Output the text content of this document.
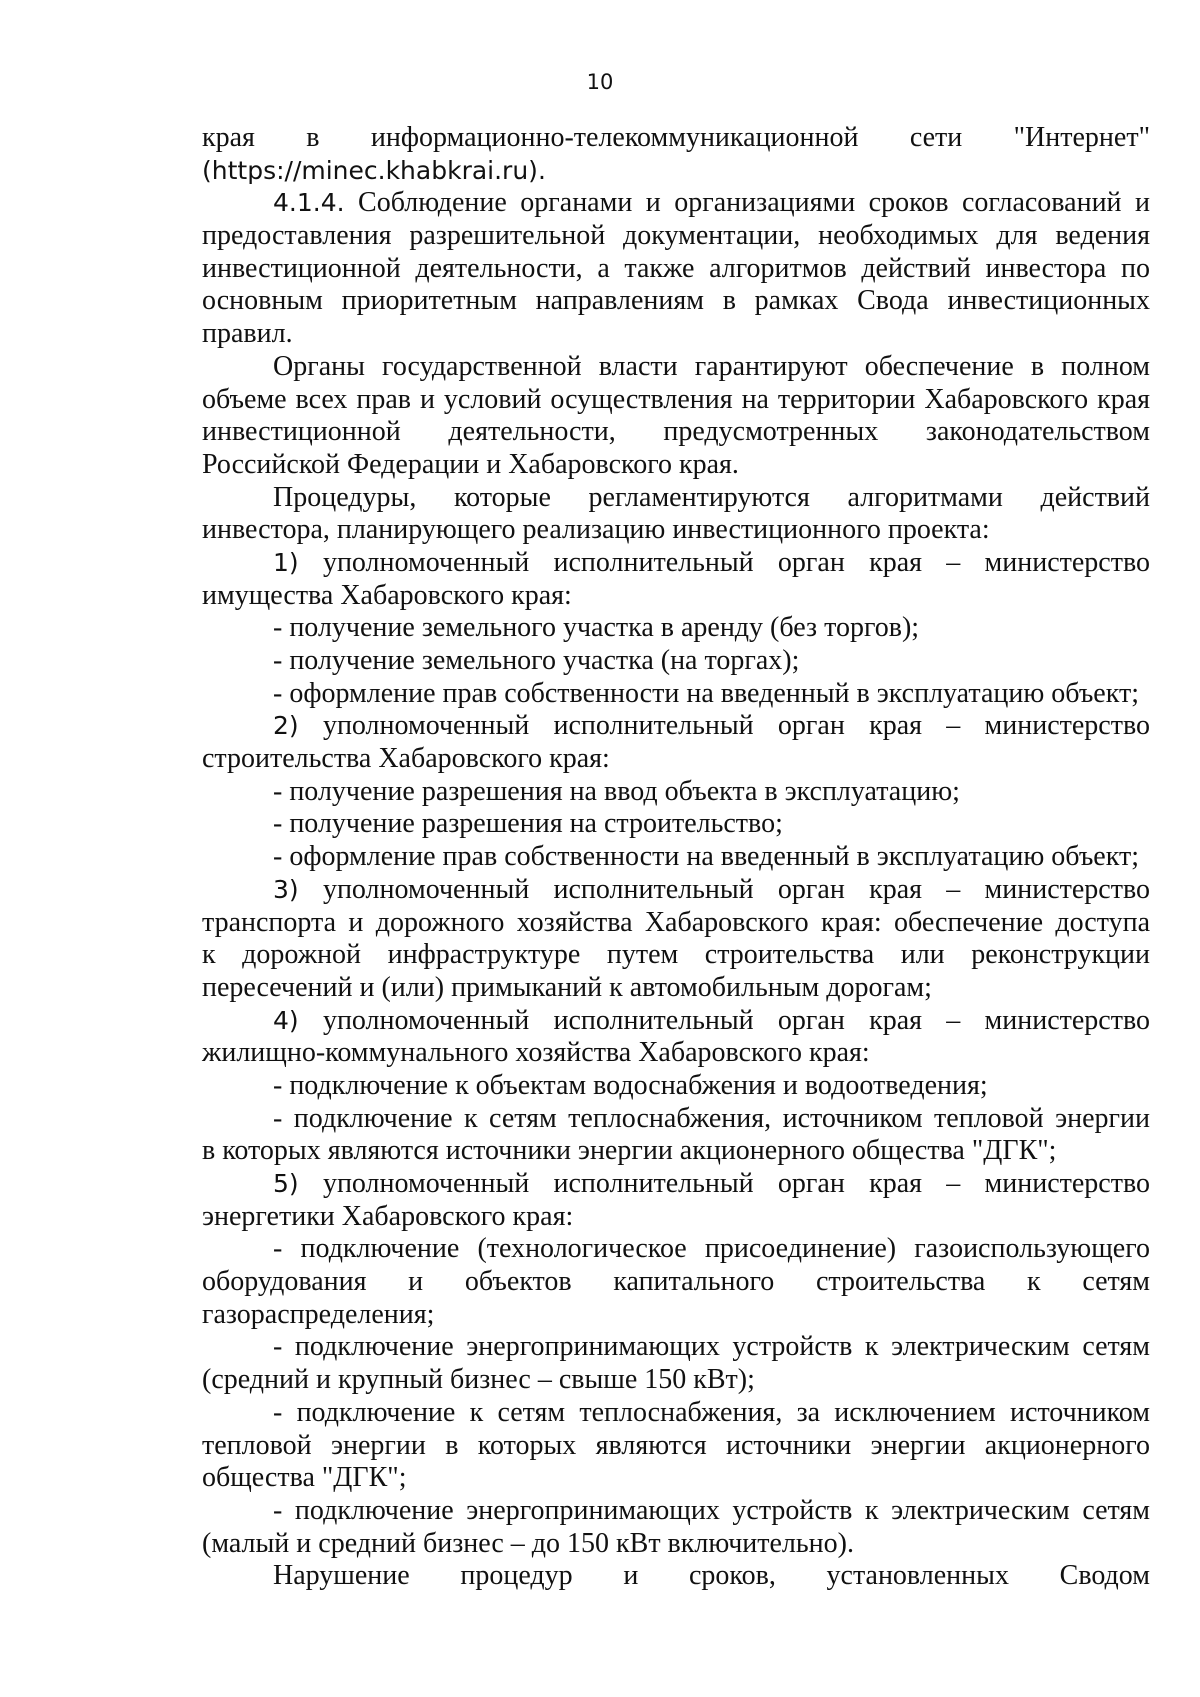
10
края в информационно-телекоммуникационной сети "Интернет"
(https://minec.khabkrai.ru).
4.1.4. Соблюдение органами и организациями сроков согласований и
предоставления разрешительной документации, необходимых для ведения
инвестиционной деятельности, а также алгоритмов действий инвестора по
основным приоритетным направлениям в рамках Свода инвестиционных
правил.
Органы государственной власти гарантируют обеспечение в полном
объеме всех прав и условий осуществления на территории Хабаровского края
инвестиционной деятельности, предусмотренных законодательством
Российской Федерации и Хабаровского края.
Процедуры, которые регламентируются алгоритмами действий
инвестора, планирующего реализацию инвестиционного проекта:
1) уполномоченный исполнительный орган края – министерство
имущества Хабаровского края:
- получение земельного участка в аренду (без торгов);
- получение земельного участка (на торгах);
- оформление прав собственности на введенный в эксплуатацию объект;
2) уполномоченный исполнительный орган края – министерство
строительства Хабаровского края:
- получение разрешения на ввод объекта в эксплуатацию;
- получение разрешения на строительство;
- оформление прав собственности на введенный в эксплуатацию объект;
3) уполномоченный исполнительный орган края – министерство
транспорта и дорожного хозяйства Хабаровского края: обеспечение доступа
к дорожной инфраструктуре путем строительства или реконструкции
пересечений и (или) примыканий к автомобильным дорогам;
4) уполномоченный исполнительный орган края – министерство
жилищно-коммунального хозяйства Хабаровского края:
- подключение к объектам водоснабжения и водоотведения;
- подключение к сетям теплоснабжения, источником тепловой энергии
в которых являются источники энергии акционерного общества "ДГК";
5) уполномоченный исполнительный орган края – министерство
энергетики Хабаровского края:
- подключение (технологическое присоединение) газоиспользующего
оборудования и объектов капитального строительства к сетям
газораспределения;
- подключение энергопринимающих устройств к электрическим сетям
(средний и крупный бизнес – свыше 150 кВт);
- подключение к сетям теплоснабжения, за исключением источником
тепловой энергии в которых являются источники энергии акционерного
общества "ДГК";
- подключение энергопринимающих устройств к электрическим сетям
(малый и средний бизнес – до 150 кВт включительно).
Нарушение процедур и сроков, установленных Сводом
